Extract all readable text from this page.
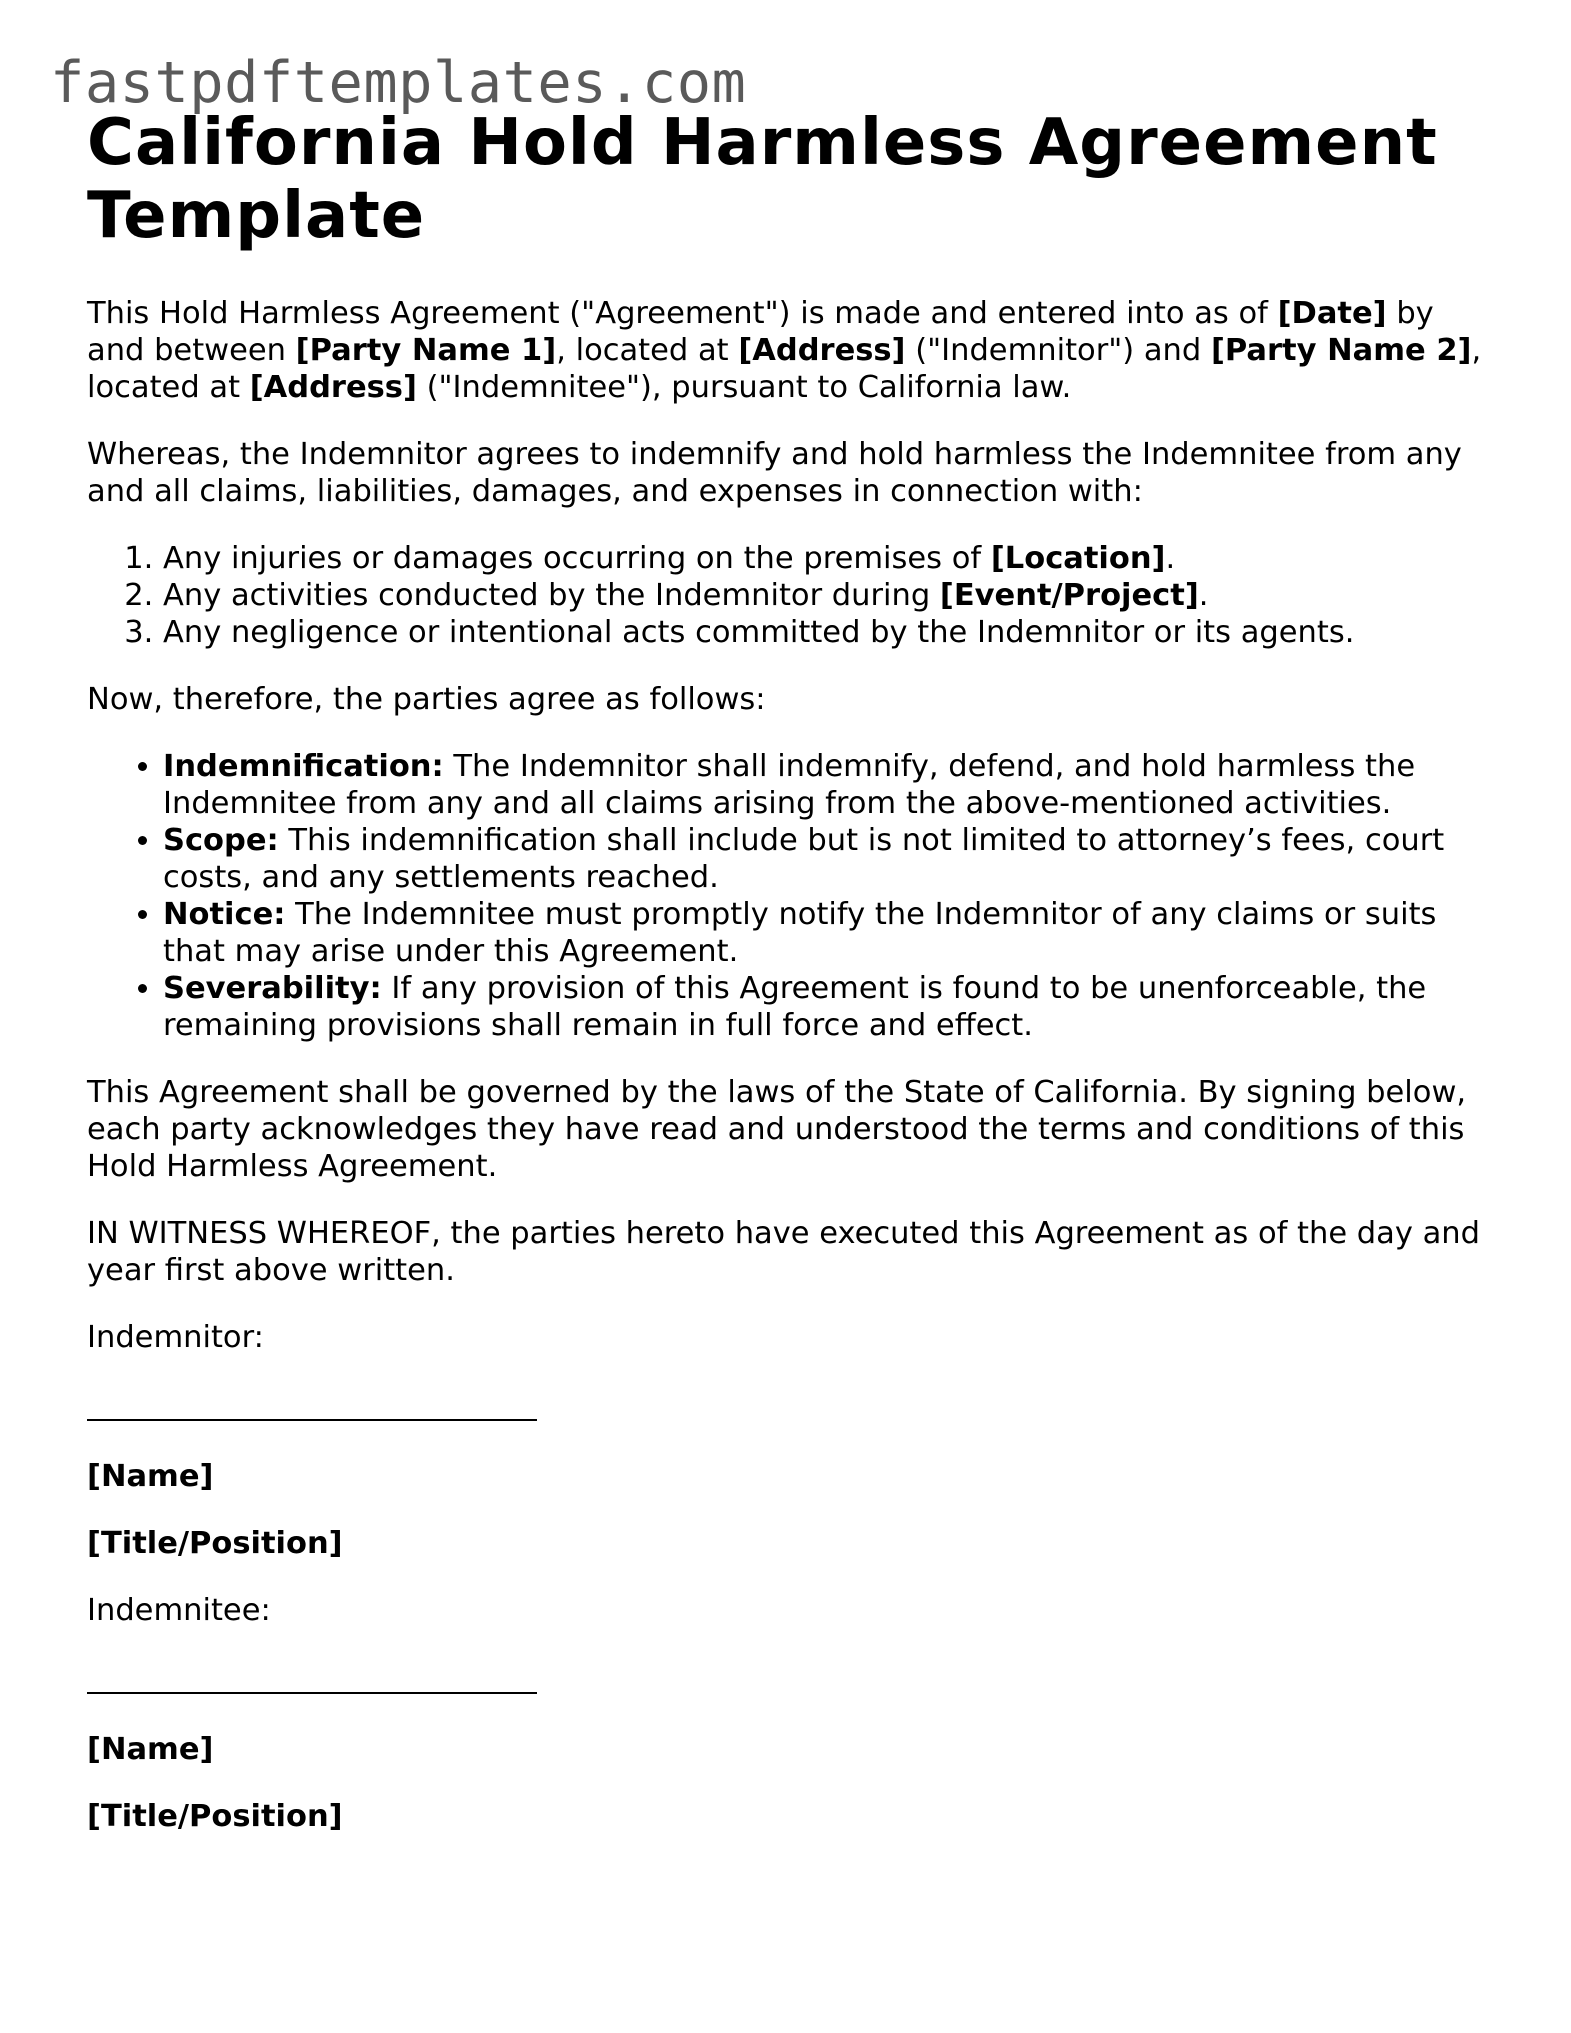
fastpdftemplates.com
California Hold Harmless Agreement Template

This Hold Harmless Agreement ("Agreement") is made and entered into as of [Date] by and between [Party Name 1], located at [Address] ("Indemnitor") and [Party Name 2], located at [Address] ("Indemnitee"), pursuant to California law.

Whereas, the Indemnitor agrees to indemnify and hold harmless the Indemnitee from any and all claims, liabilities, damages, and expenses in connection with:

1. Any injuries or damages occurring on the premises of [Location].
2. Any activities conducted by the Indemnitor during [Event/Project].
3. Any negligence or intentional acts committed by the Indemnitor or its agents.

Now, therefore, the parties agree as follows:

• Indemnification: The Indemnitor shall indemnify, defend, and hold harmless the Indemnitee from any and all claims arising from the above-mentioned activities.
• Scope: This indemnification shall include but is not limited to attorney’s fees, court costs, and any settlements reached.
• Notice: The Indemnitee must promptly notify the Indemnitor of any claims or suits that may arise under this Agreement.
• Severability: If any provision of this Agreement is found to be unenforceable, the remaining provisions shall remain in full force and effect.

This Agreement shall be governed by the laws of the State of California. By signing below, each party acknowledges they have read and understood the terms and conditions of this Hold Harmless Agreement.

IN WITNESS WHEREOF, the parties hereto have executed this Agreement as of the day and year first above written.

Indemnitor:

[Name]

[Title/Position]

Indemnitee:

[Name]

[Title/Position]
